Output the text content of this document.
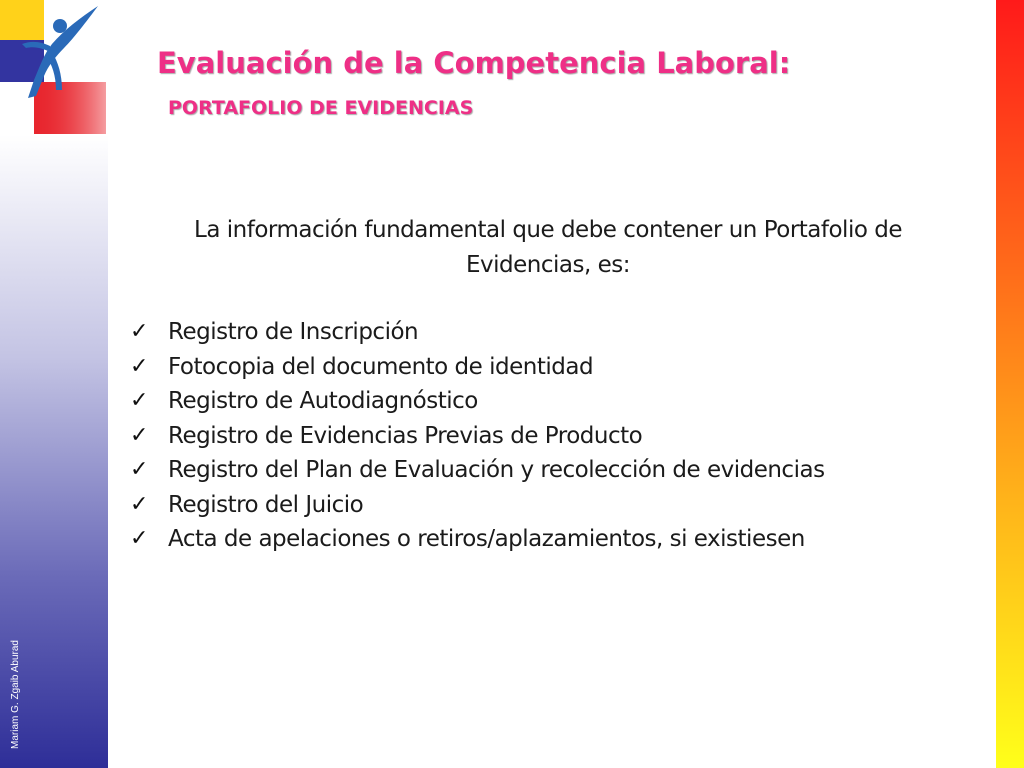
Mariam G. Zgaib Aburad
Evaluación de la Competencia Laboral:
PORTAFOLIO DE EVIDENCIAS
La información fundamental que debe contener un Portafolio de Evidencias, es:
✓ Registro de Inscripción
✓ Fotocopia del documento de identidad
✓ Registro de Autodiagnóstico
✓ Registro de Evidencias Previas de Producto
✓ Registro del Plan de Evaluación y recolección de evidencias
✓ Registro del Juicio
✓ Acta de apelaciones o retiros/aplazamientos, si existiesen
